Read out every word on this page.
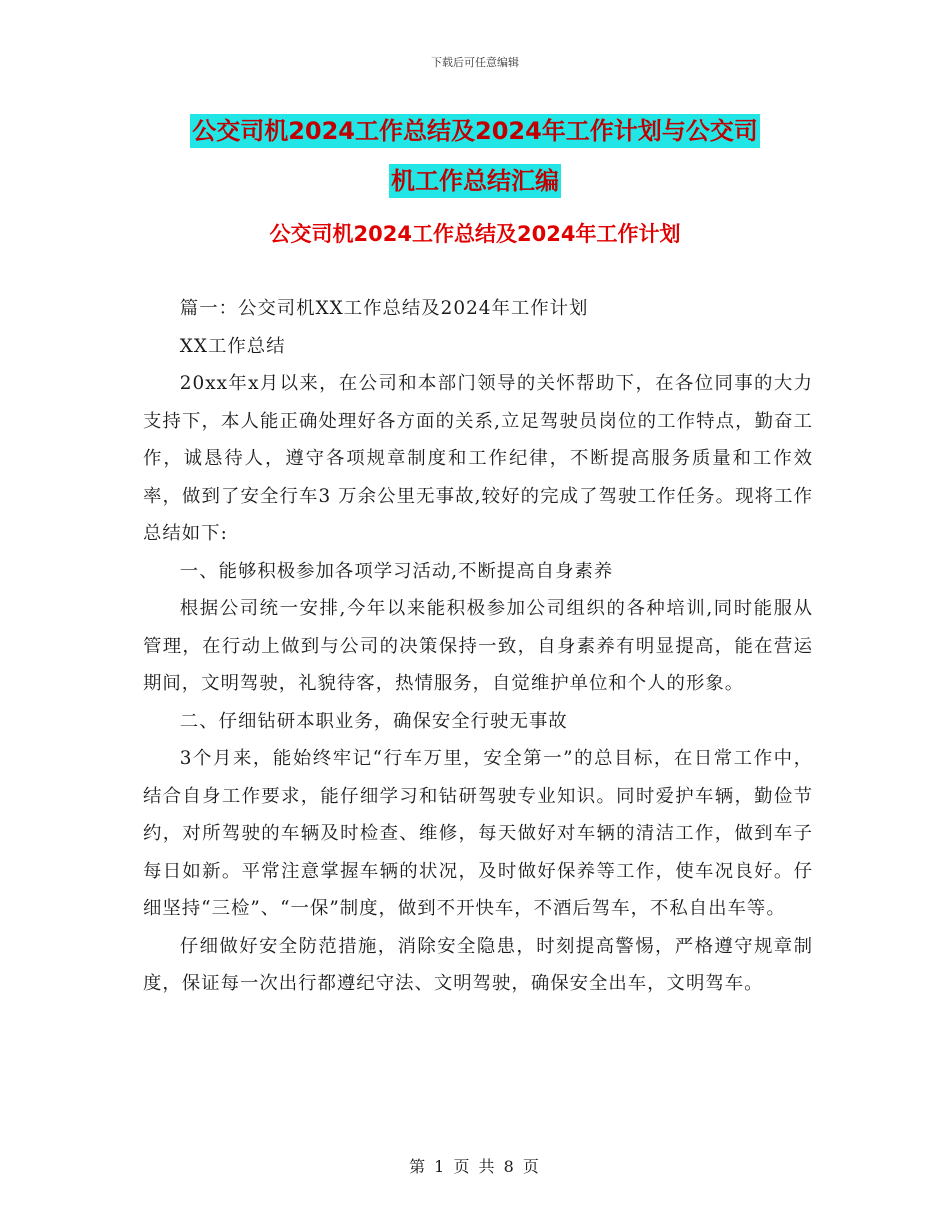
下载后可任意编辑
公交司机2024工作总结及2024年工作计划与公交司
机工作总结汇编
公交司机2024工作总结及2024年工作计划

篇一：公交司机XX工作总结及2024年工作计划

XX工作总结

20xx年x月以来，在公司和本部门领导的关怀帮助下，在各位同事的大力支持下，本人能正确处理好各方面的关系,立足驾驶员岗位的工作特点，勤奋工作，诚恳待人，遵守各项规章制度和工作纪律，不断提高服务质量和工作效率，做到了安全行车3 万余公里无事故,较好的完成了驾驶工作任务。现将工作总结如下:

一、能够积极参加各项学习活动,不断提高自身素养

根据公司统一安排,今年以来能积极参加公司组织的各种培训,同时能服从管理，在行动上做到与公司的决策保持一致，自身素养有明显提高，能在营运期间，文明驾驶，礼貌待客，热情服务，自觉维护单位和个人的形象。

二、仔细钻研本职业务，确保安全行驶无事故

3个月来，能始终牢记“行车万里，安全第一”的总目标，在日常工作中，结合自身工作要求，能仔细学习和钻研驾驶专业知识。同时爱护车辆，勤俭节约，对所驾驶的车辆及时检查、维修，每天做好对车辆的清洁工作，做到车子每日如新。平常注意掌握车辆的状况，及时做好保养等工作，使车况良好。仔细坚持“三检”、“一保”制度，做到不开快车，不酒后驾车，不私自出车等。

仔细做好安全防范措施，消除安全隐患，时刻提高警惕，严格遵守规章制度，保证每一次出行都遵纪守法、文明驾驶，确保安全出车，文明驾车。

第 1 页 共 8 页
